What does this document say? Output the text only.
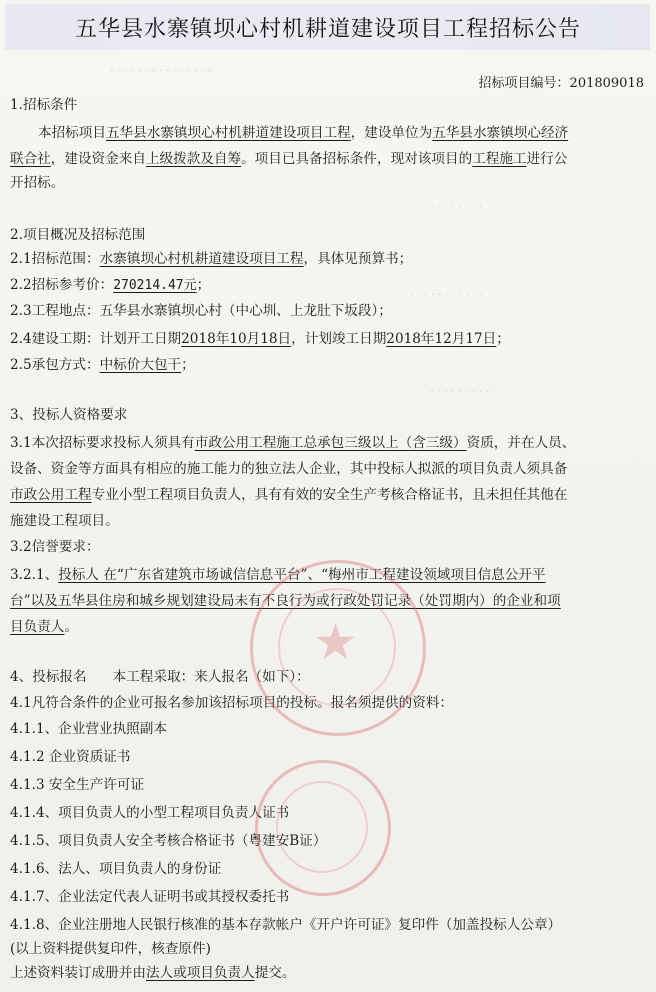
· · · · · · · · · · · · · · ·
· · · · · · · ·
· · · · · · · · · · ·
· · · · · · · · ·
五华县水寨镇坝心村机耕道建设项目工程招标公告
招标项目编号：201809018
1.招标条件
本招标项目五华县水寨镇坝心村机耕道建设项目工程，建设单位为五华县水寨镇坝心经济
联合社，建设资金来自上级拨款及自筹。项目已具备招标条件，现对该项目的工程施工进行公
开招标。
2.项目概况及招标范围
2.1招标范围：水寨镇坝心村机耕道建设项目工程，具体见预算书；
2.2招标参考价：270214.47元；
2.3工程地点：五华县水寨镇坝心村（中心圳、上龙肚下坂段）；
2.4建设工期：计划开工日期2018年10月18日，计划竣工日期2018年12月17日；
2.5承包方式：中标价大包干；
3、投标人资格要求
3.1本次招标要求投标人须具有市政公用工程施工总承包三级以上（含三级）资质，并在人员、
设备、资金等方面具有相应的施工能力的独立法人企业，其中投标人拟派的项目负责人须具备
市政公用工程专业小型工程项目负责人，具有有效的安全生产考核合格证书，且未担任其他在
施建设工程项目。
3.2信誉要求：
3.2.1、投标人 在“广东省建筑市场诚信信息平台”、“梅州市工程建设领域项目信息公开平
台”以及五华县住房和城乡规划建设局未有不良行为或行政处罚记录（处罚期内）的企业和项
目负责人。
4、投标报名 本工程采取：来人报名（如下）：
4.1凡符合条件的企业可报名参加该招标项目的投标。报名须提供的资料：
4.1.1、企业营业执照副本
4.1.2 企业资质证书
4.1.3 安全生产许可证
4.1.4、项目负责人的小型工程项目负责人证书
4.1.5、项目负责人安全考核合格证书（粤建安B证）
4.1.6、法人、项目负责人的身份证
4.1.7、企业法定代表人证明书或其授权委托书
4.1.8、企业注册地人民银行核准的基本存款帐户《开户许可证》复印件（加盖投标人公章）
(以上资料提供复印件，核查原件)
上述资料装订成册并由法人或项目负责人提交。
★
